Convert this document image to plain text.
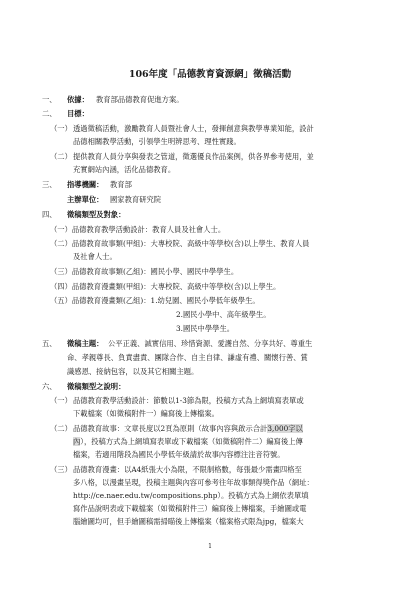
106年度「品德教育資源網」徵稿活動
一、 依據： 教育部品德教育促進方案。
二、 目標：
（一） 透過徵稿活動，激勵教育人員暨社會人士，發揮創意與教學專業知能，設計
品德相關教學活動，引領學生明辨思考、理性實踐。
（二） 提供教育人員分享與發表之管道，徵選優良作品案例，供各界參考使用，並
充實網站內涵，活化品德教育。
三、 指導機關： 教育部
主辦單位： 國家教育研究院
四、 徵稿類型及對象：
（一）品德教育教學活動設計：教育人員及社會人士。
（二）品德教育故事類(甲組)：大專校院、高級中等學校(含)以上學生、教育人員
及社會人士。
（三）品德教育故事類(乙組)：國民小學、國民中學學生。
（四）品德教育漫畫類(甲組)：大專校院、高級中等學校(含)以上學生。
（五）品德教育漫畫類(乙組)：1.幼兒園、國民小學低年級學生。
2.國民小學中、高年級學生。
3.國民中學學生。
五、 徵稿主題： 公平正義、誠實信用、珍惜資源、愛護自然、分享共好、尊重生
命、孝親尊長、負責盡責、團隊合作、自主自律、謙虛有禮、關懷行善、賞
識感恩、接納包容，以及其它相關主題。
六、 徵稿類型之說明：
（一） 品德教育教學活動設計：節數以1-3節為限，投稿方式為上網填寫表單或
下載檔案（如徵稿附件一）編寫後上傳檔案。
（二） 品德教育故事：文章長度以2頁為原則（故事內容與啟示合計3,000字以
內），投稿方式為上網填寫表單或下載檔案（如徵稿附件二）編寫後上傳
檔案，若適用階段為國民小學低年級請於故事內容標注注音符號。
（三） 品德教育漫畫：以A4紙張大小為限，不限制格數，每張最少需畫四格至
多八格，以漫畫呈現，投稿主題與內容可參考往年故事類得獎作品（網址：
http://ce.naer.edu.tw/compositions.php）。投稿方式為上網依表單填
寫作品說明表或下載檔案（如徵稿附件三）編寫後上傳檔案，手繪圖或電
腦繪圖均可，但手繪圖稿需掃瞄後上傳檔案（檔案格式限為jpg，檔案大
1
